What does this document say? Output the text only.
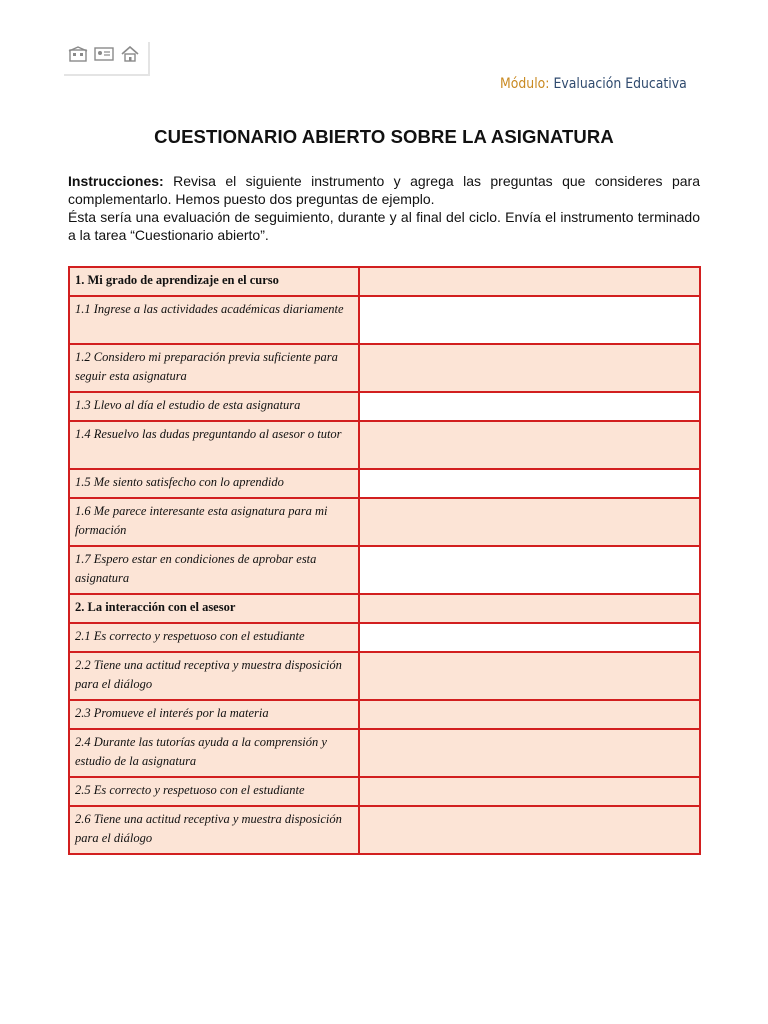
Módulo: Evaluación Educativa
CUESTIONARIO ABIERTO SOBRE LA ASIGNATURA

Instrucciones: Revisa el siguiente instrumento y agrega las preguntas que consideres para complementarlo. Hemos puesto dos preguntas de ejemplo.

Ésta sería una evaluación de seguimiento, durante y al final del ciclo. Envía el instrumento terminado a la tarea “Cuestionario abierto”.

1. Mi grado de aprendizaje en el curso	
1.1 Ingrese a las actividades académicas diariamente	
1.2 Considero mi preparación previa suficiente para seguir esta asignatura	
1.3 Llevo al día el estudio de esta asignatura	
1.4 Resuelvo las dudas preguntando al asesor o tutor	
1.5 Me siento satisfecho con lo aprendido	
1.6 Me parece interesante esta asignatura para mi formación	
1.7 Espero estar en condiciones de aprobar esta asignatura	
2. La interacción con el asesor	
2.1 Es correcto y respetuoso con el estudiante	
2.2 Tiene una actitud receptiva y muestra disposición para el diálogo	
2.3 Promueve el interés por la materia	
2.4 Durante las tutorías ayuda a la comprensión y estudio de la asignatura	
2.5 Es correcto y respetuoso con el estudiante	
2.6 Tiene una actitud receptiva y muestra disposición para el diálogo	
